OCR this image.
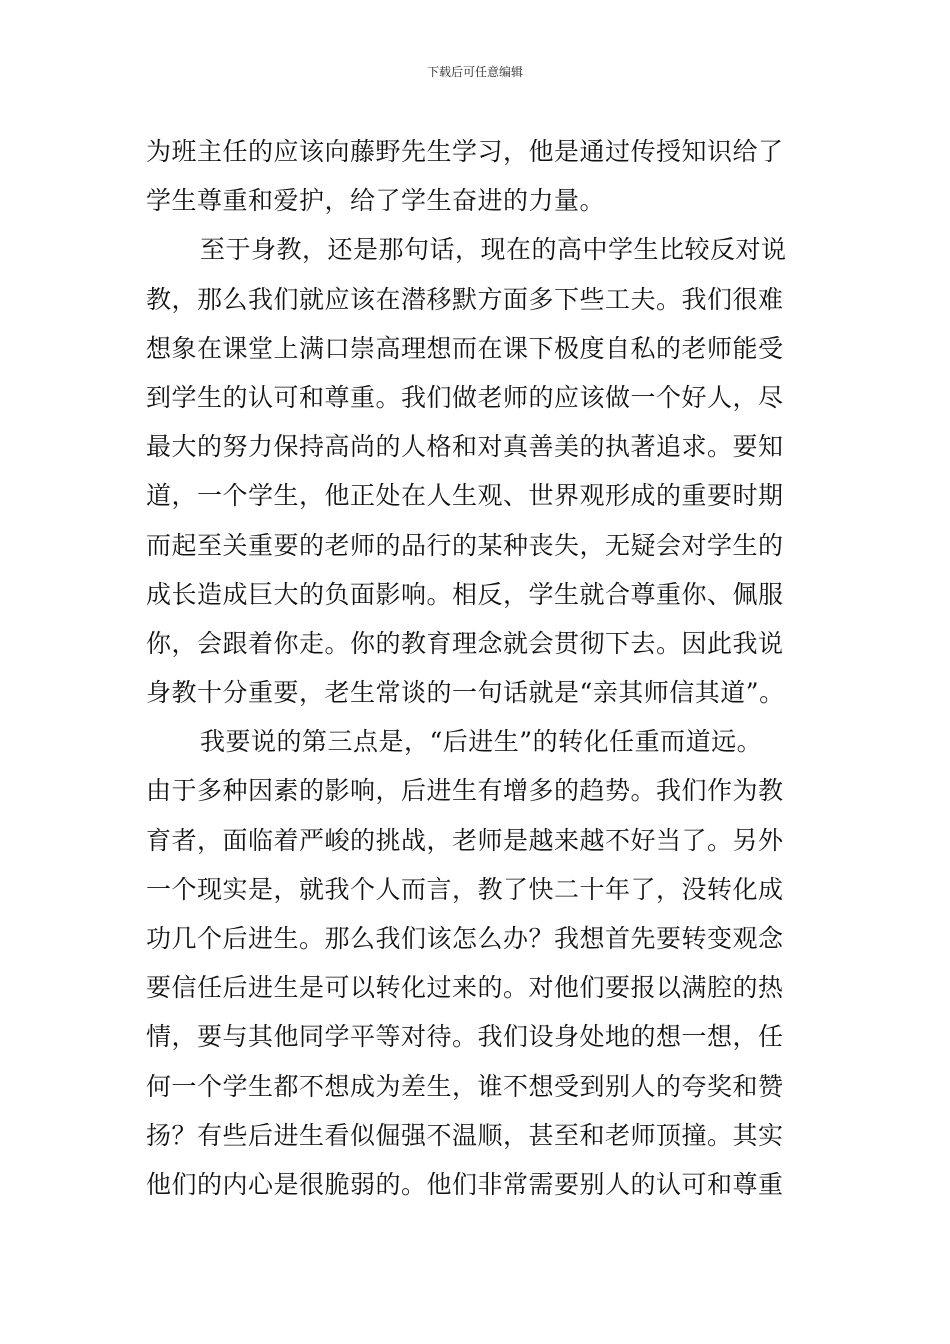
下载后可任意编辑
为班主任的应该向藤野先生学习，他是通过传授知识给了
学生尊重和爱护，给了学生奋进的力量。
至于身教，还是那句话，现在的高中学生比较反对说
教，那么我们就应该在潜移默方面多下些工夫。我们很难
想象在课堂上满口崇高理想而在课下极度自私的老师能受
到学生的认可和尊重。我们做老师的应该做一个好人，尽
最大的努力保持高尚的人格和对真善美的执著追求。要知
道，一个学生，他正处在人生观、世界观形成的重要时期
而起至关重要的老师的品行的某种丧失，无疑会对学生的
成长造成巨大的负面影响。相反，学生就合尊重你、佩服
你，会跟着你走。你的教育理念就会贯彻下去。因此我说
身教十分重要，老生常谈的一句话就是“亲其师信其道”。
我要说的第三点是，“后进生”的转化任重而道远。
由于多种因素的影响，后进生有增多的趋势。我们作为教
育者，面临着严峻的挑战，老师是越来越不好当了。另外
一个现实是，就我个人而言，教了快二十年了，没转化成
功几个后进生。那么我们该怎么办？我想首先要转变观念
要信任后进生是可以转化过来的。对他们要报以满腔的热
情，要与其他同学平等对待。我们设身处地的想一想，任
何一个学生都不想成为差生，谁不想受到别人的夸奖和赞
扬？有些后进生看似倔强不温顺，甚至和老师顶撞。其实
他们的内心是很脆弱的。他们非常需要别人的认可和尊重
